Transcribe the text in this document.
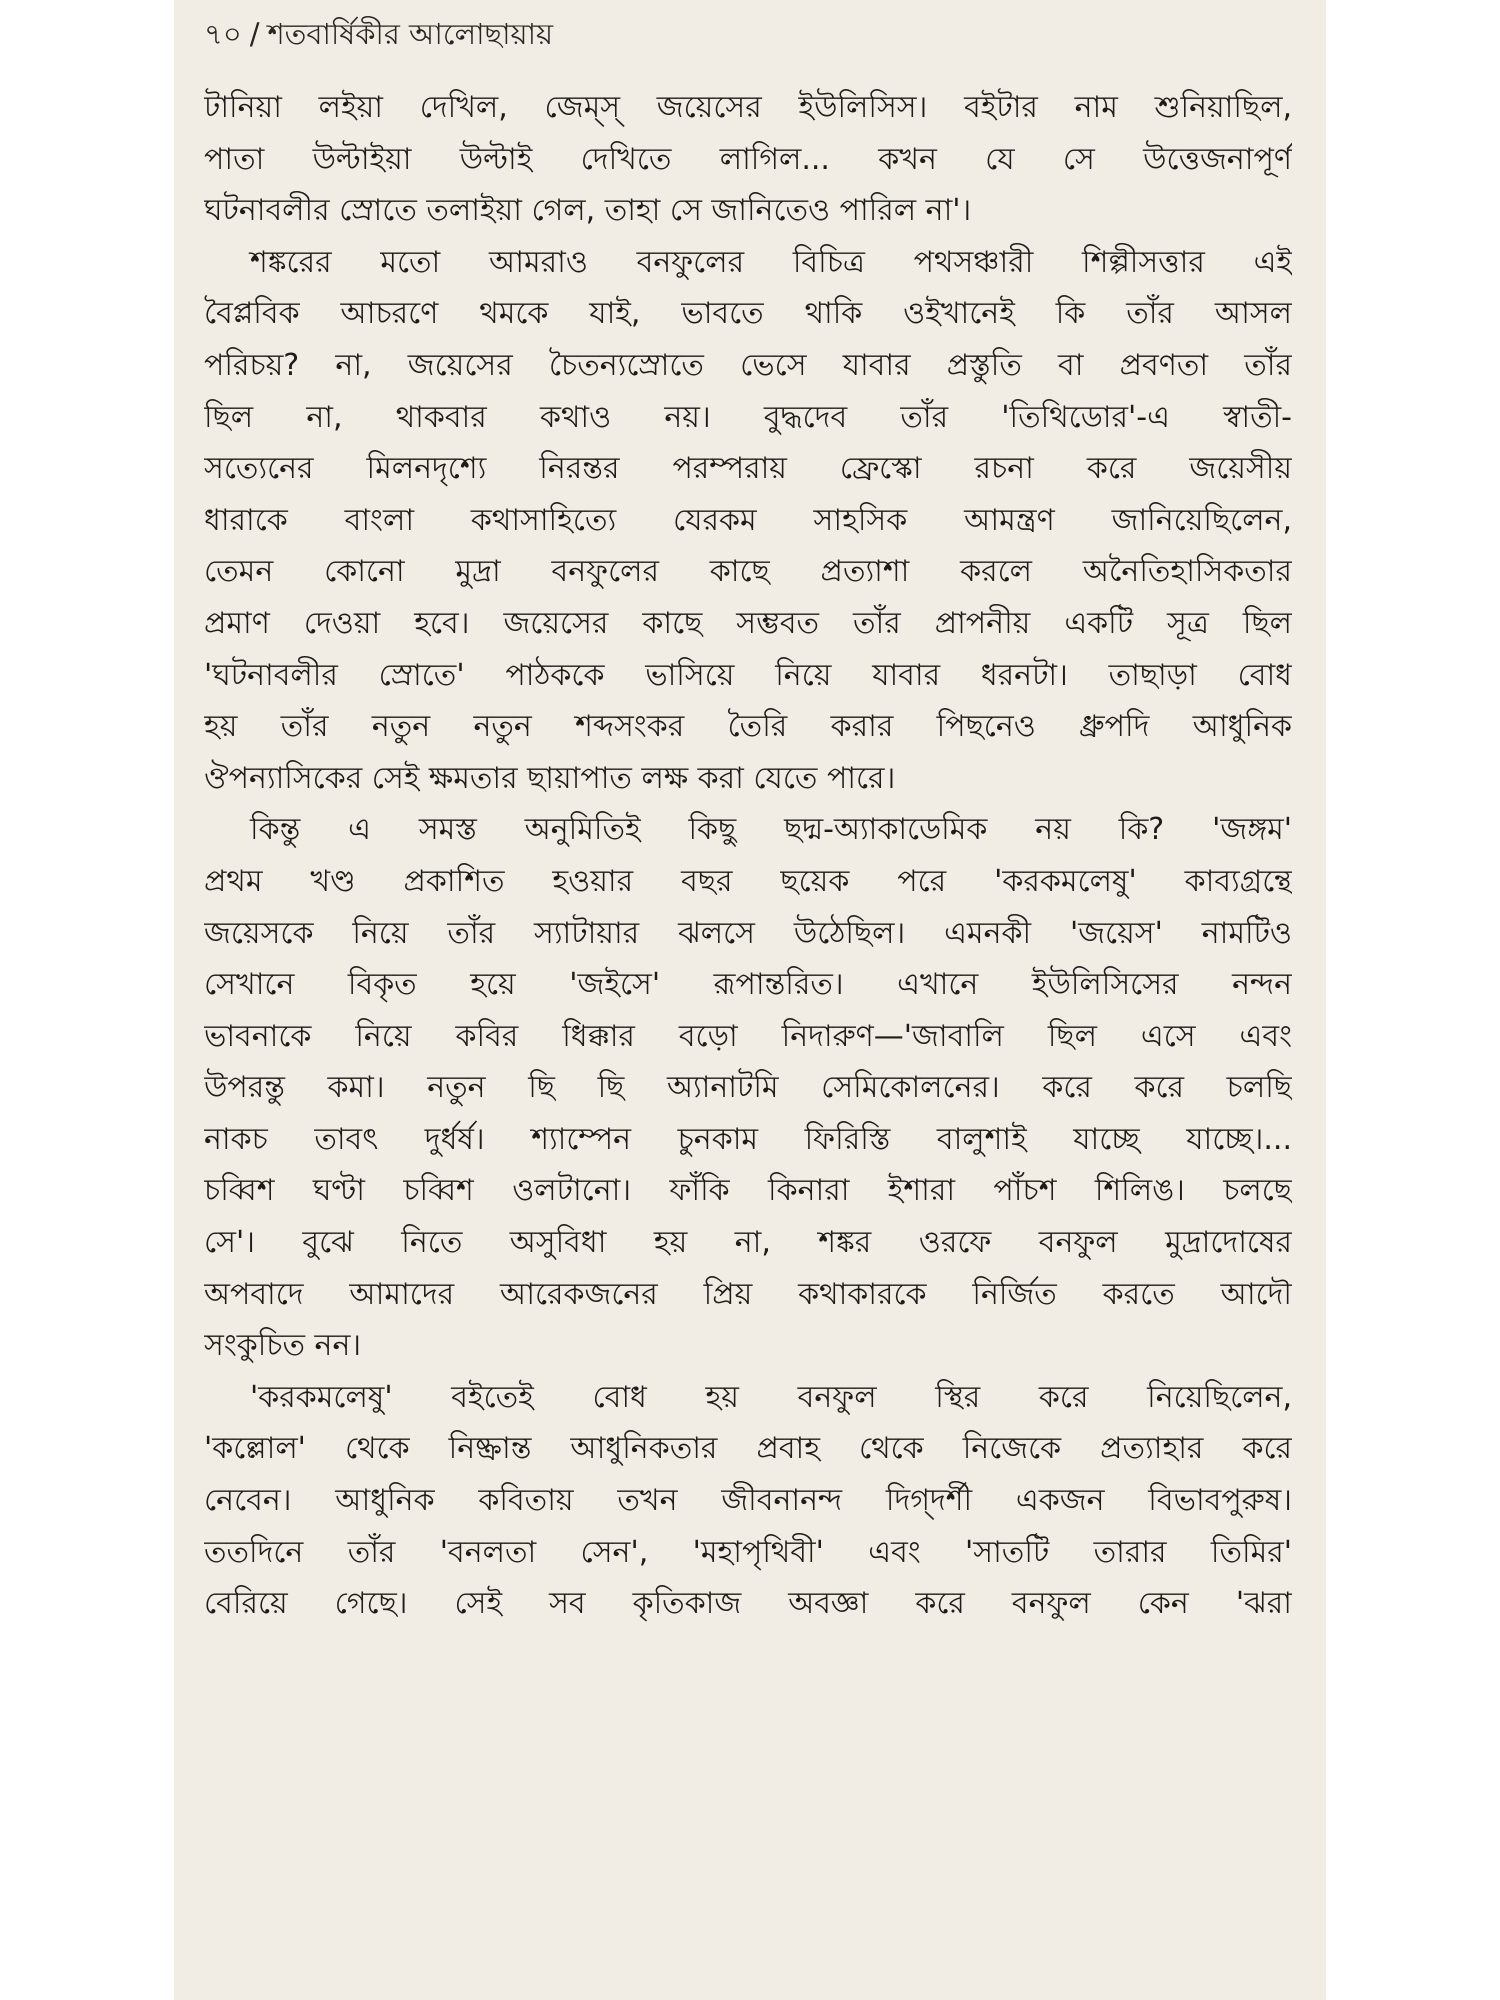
৭০ / শতবার্ষিকীর আলোছায়ায়
টানিয়া লইয়া দেখিল, জেম্স্ জয়েসের ইউলিসিস। বইটার নাম শুনিয়াছিল,
পাতা উল্টাইয়া উল্টাই দেখিতে লাগিল... কখন যে সে উত্তেজনাপূর্ণ
ঘটনাবলীর স্রোতে তলাইয়া গেল, তাহা সে জানিতেও পারিল না'।
শঙ্করের মতো আমরাও বনফুলের বিচিত্র পথসঞ্চারী শিল্পীসত্তার এই
বৈপ্লবিক আচরণে থমকে যাই, ভাবতে থাকি ওইখানেই কি তাঁর আসল
পরিচয়? না, জয়েসের চৈতন্যস্রোতে ভেসে যাবার প্রস্তুতি বা প্রবণতা তাঁর
ছিল না, থাকবার কথাও নয়। বুদ্ধদেব তাঁর 'তিথিডোর'-এ স্বাতী-
সত্যেনের মিলনদৃশ্যে নিরন্তর পরম্পরায় ফ্রেস্কো রচনা করে জয়েসীয়
ধারাকে বাংলা কথাসাহিত্যে যেরকম সাহসিক আমন্ত্রণ জানিয়েছিলেন,
তেমন কোনো মুদ্রা বনফুলের কাছে প্রত্যাশা করলে অনৈতিহাসিকতার
প্রমাণ দেওয়া হবে। জয়েসের কাছে সম্ভবত তাঁর প্রাপনীয় একটি সূত্র ছিল
'ঘটনাবলীর স্রোতে' পাঠককে ভাসিয়ে নিয়ে যাবার ধরনটা। তাছাড়া বোধ
হয় তাঁর নতুন নতুন শব্দসংকর তৈরি করার পিছনেও ধ্রুপদি আধুনিক
ঔপন্যাসিকের সেই ক্ষমতার ছায়াপাত লক্ষ করা যেতে পারে।
কিন্তু এ সমস্ত অনুমিতিই কিছু ছদ্ম-অ্যাকাডেমিক নয় কি? 'জঙ্গম'
প্রথম খণ্ড প্রকাশিত হওয়ার বছর ছয়েক পরে 'করকমলেষু' কাব্যগ্রন্থে
জয়েসকে নিয়ে তাঁর স্যাটায়ার ঝলসে উঠেছিল। এমনকী 'জয়েস' নামটিও
সেখানে বিকৃত হয়ে 'জইসে' রূপান্তরিত। এখানে ইউলিসিসের নন্দন
ভাবনাকে নিয়ে কবির ধিক্কার বড়ো নিদারুণ—'জাবালি ছিল এসে এবং
উপরন্তু কমা। নতুন ছি ছি অ্যানাটমি সেমিকোলনের। করে করে চলছি
নাকচ তাবৎ দুর্ধর্ষ। শ্যাম্পেন চুনকাম ফিরিস্তি বালুশাই যাচ্ছে যাচ্ছে।...
চব্বিশ ঘণ্টা চব্বিশ ওলটানো। ফাঁকি কিনারা ইশারা পাঁচশ শিলিঙ। চলছে
সে'। বুঝে নিতে অসুবিধা হয় না, শঙ্কর ওরফে বনফুল মুদ্রাদোষের
অপবাদে আমাদের আরেকজনের প্রিয় কথাকারকে নির্জিত করতে আদৌ
সংকুচিত নন।
'করকমলেষু' বইতেই বোধ হয় বনফুল স্থির করে নিয়েছিলেন,
'কল্লোল' থেকে নিষ্ক্রান্ত আধুনিকতার প্রবাহ থেকে নিজেকে প্রত্যাহার করে
নেবেন। আধুনিক কবিতায় তখন জীবনানন্দ দিগ্‌দর্শী একজন বিভাবপুরুষ।
ততদিনে তাঁর 'বনলতা সেন', 'মহাপৃথিবী' এবং 'সাতটি তারার তিমির'
বেরিয়ে গেছে। সেই সব কৃতিকাজ অবজ্ঞা করে বনফুল কেন 'ঝরা
